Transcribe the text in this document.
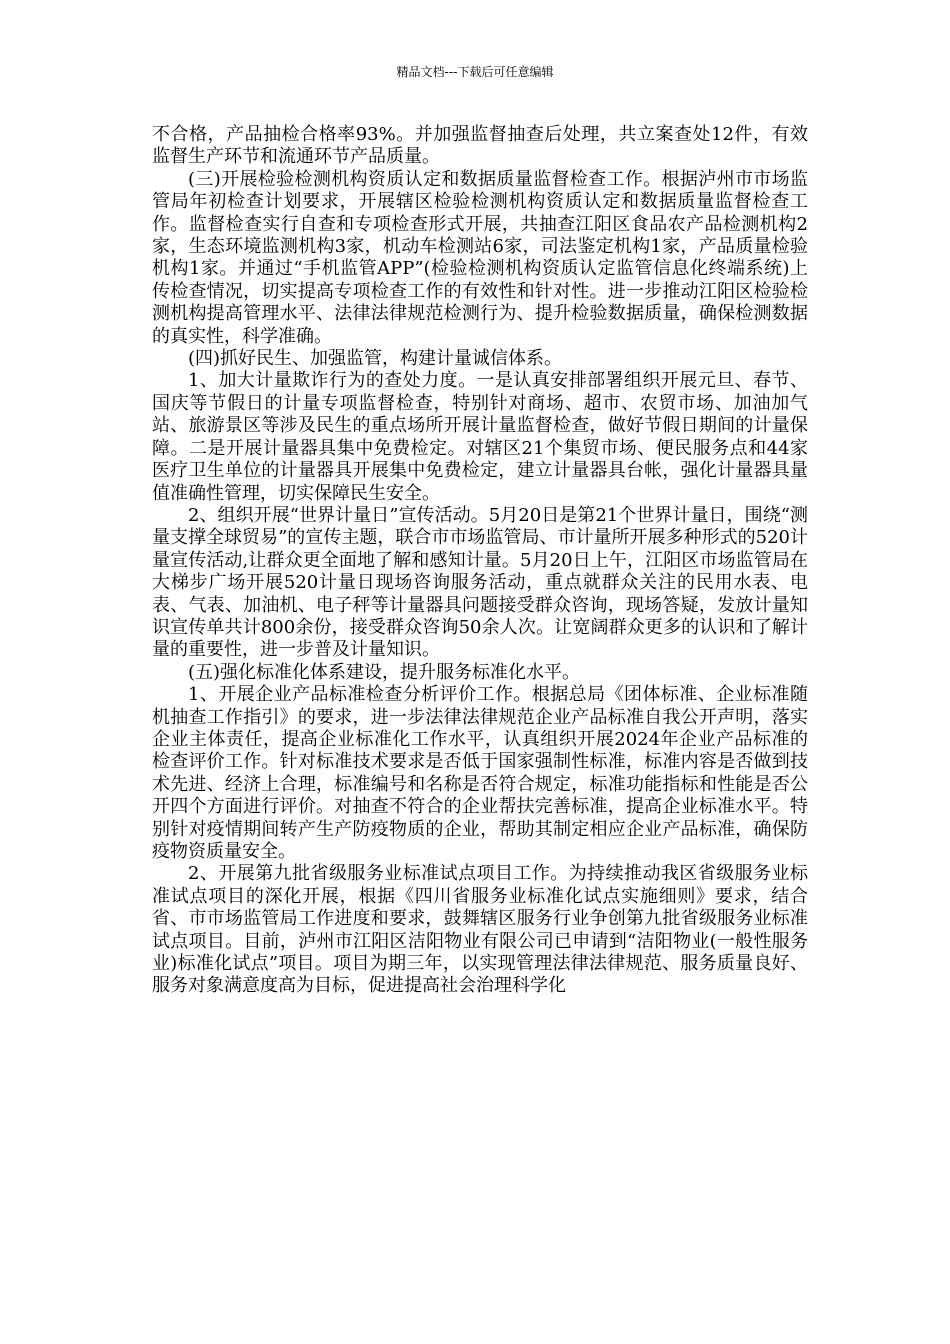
精品文档---下载后可任意编辑

不合格，产品抽检合格率93%。并加强监督抽查后处理，共立案查处12件，有效监督生产环节和流通环节产品质量。

(三)开展检验检测机构资质认定和数据质量监督检查工作。根据泸州市市场监管局年初检查计划要求，开展辖区检验检测机构资质认定和数据质量监督检查工作。监督检查实行自查和专项检查形式开展，共抽查江阳区食品农产品检测机构2家，生态环境监测机构3家，机动车检测站6家，司法鉴定机构1家，产品质量检验机构1家。并通过“手机监管APP”(检验检测机构资质认定监管信息化终端系统)上传检查情况，切实提高专项检查工作的有效性和针对性。进一步推动江阳区检验检测机构提高管理水平、法律法律规范检测行为、提升检验数据质量，确保检测数据的真实性，科学准确。

(四)抓好民生、加强监管，构建计量诚信体系。

1、加大计量欺诈行为的查处力度。一是认真安排部署组织开展元旦、春节、国庆等节假日的计量专项监督检查，特别针对商场、超市、农贸市场、加油加气站、旅游景区等涉及民生的重点场所开展计量监督检查，做好节假日期间的计量保障。二是开展计量器具集中免费检定。对辖区21个集贸市场、便民服务点和44家医疗卫生单位的计量器具开展集中免费检定，建立计量器具台帐，强化计量器具量值准确性管理，切实保障民生安全。

2、组织开展“世界计量日”宣传活动。5月20日是第21个世界计量日，围绕“测量支撑全球贸易”的宣传主题，联合市市场监管局、市计量所开展多种形式的520计量宣传活动,让群众更全面地了解和感知计量。5月20日上午，江阳区市场监管局在大梯步广场开展520计量日现场咨询服务活动，重点就群众关注的民用水表、电表、气表、加油机、电子秤等计量器具问题接受群众咨询，现场答疑，发放计量知识宣传单共计800余份，接受群众咨询50余人次。让宽阔群众更多的认识和了解计量的重要性，进一步普及计量知识。

(五)强化标准化体系建设，提升服务标准化水平。

1、开展企业产品标准检查分析评价工作。根据总局《团体标准、企业标准随机抽查工作指引》的要求，进一步法律法律规范企业产品标准自我公开声明，落实企业主体责任，提高企业标准化工作水平，认真组织开展2024年企业产品标准的检查评价工作。针对标准技术要求是否低于国家强制性标准，标准内容是否做到技术先进、经济上合理，标准编号和名称是否符合规定，标准功能指标和性能是否公开四个方面进行评价。对抽查不符合的企业帮扶完善标准，提高企业标准水平。特别针对疫情期间转产生产防疫物质的企业，帮助其制定相应企业产品标准，确保防疫物资质量安全。

2、开展第九批省级服务业标准试点项目工作。为持续推动我区省级服务业标准试点项目的深化开展，根据《四川省服务业标准化试点实施细则》要求，结合省、市市场监管局工作进度和要求，鼓舞辖区服务行业争创第九批省级服务业标准试点项目。目前，泸州市江阳区洁阳物业有限公司已申请到“洁阳物业(一般性服务业)标准化试点”项目。项目为期三年，以实现管理法律法律规范、服务质量良好、服务对象满意度高为目标，促进提高社会治理科学化
